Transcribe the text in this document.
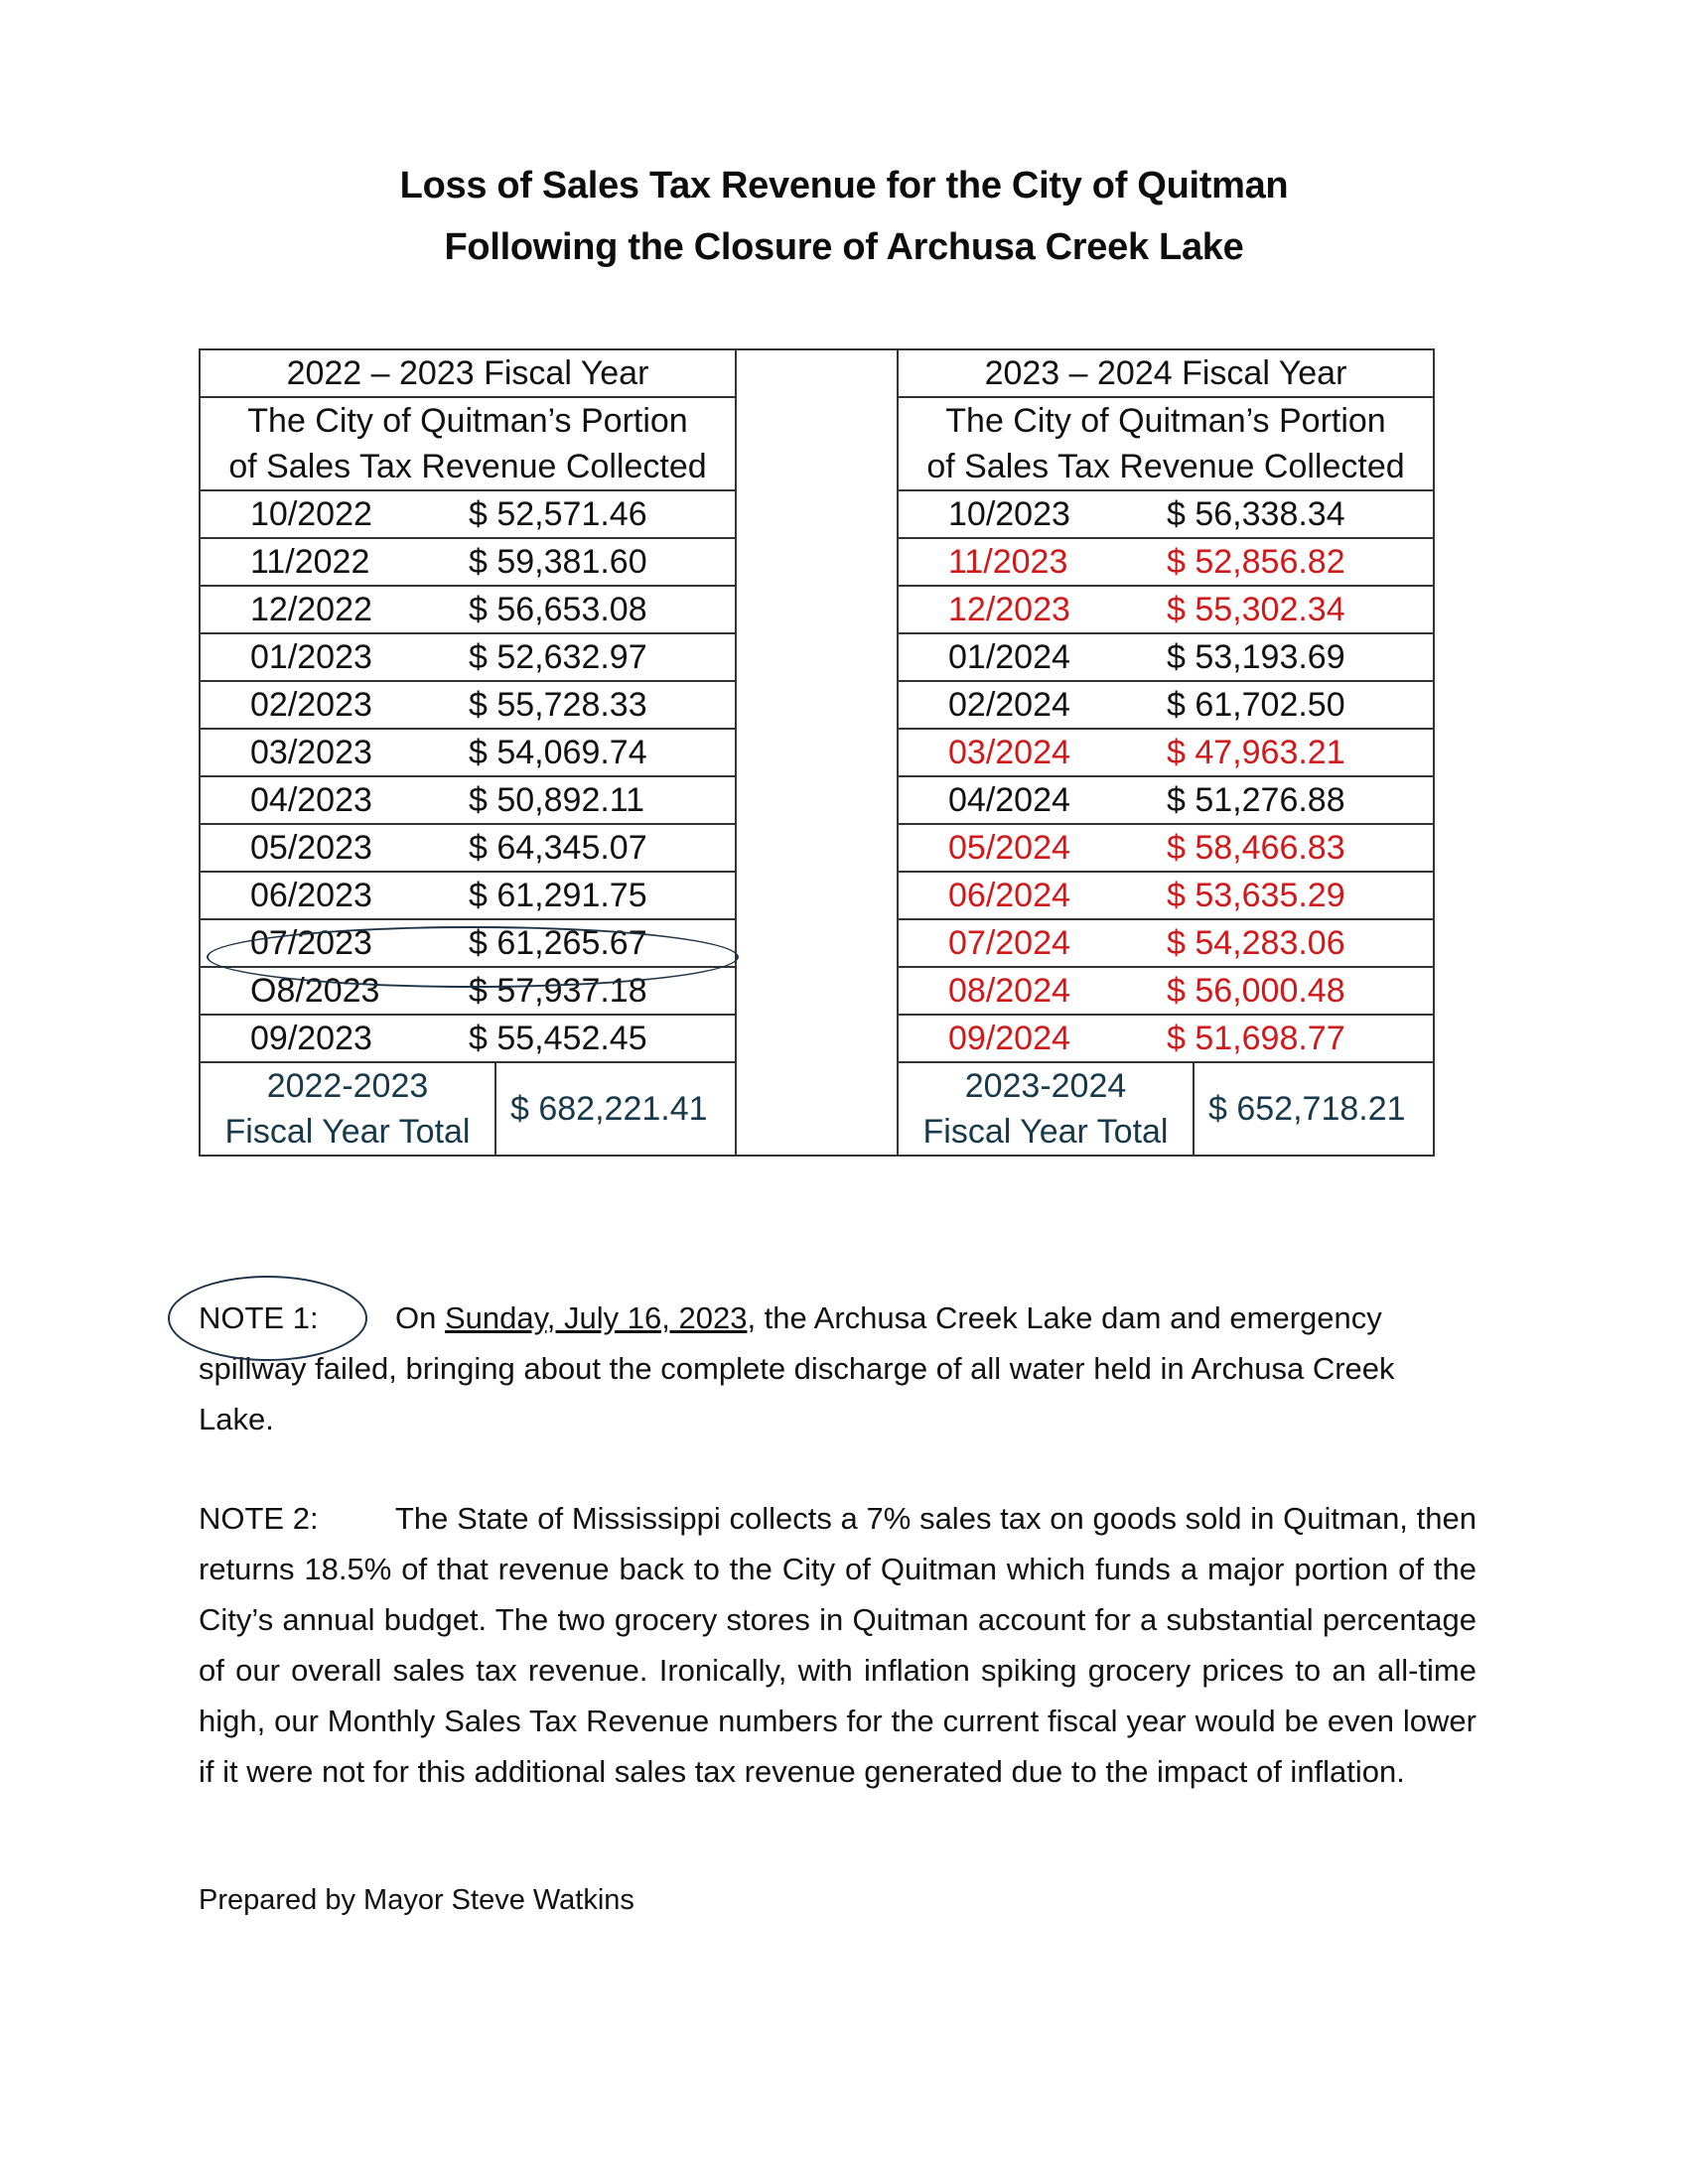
Loss of Sales Tax Revenue for the City of Quitman
Following the Closure of Archusa Creek Lake
2022 – 2023 Fiscal Year			2023 – 2024 Fiscal Year	

The City of Quitman’s Portion
of Sales Tax Revenue Collected

The City of Quitman’s Portion
of Sales Tax Revenue Collected

10/2022 $ 52,571.46			10/2023 $ 56,338.34	

11/2022 $ 59,381.60			11/2023 $ 52,856.82	

12/2022 $ 56,653.08			12/2023 $ 55,302.34	

01/2023 $ 52,632.97			01/2024 $ 53,193.69	

02/2023 $ 55,728.33			02/2024 $ 61,702.50	

03/2023 $ 54,069.74			03/2024 $ 47,963.21	

04/2023 $ 50,892.11			04/2024 $ 51,276.88	

05/2023 $ 64,345.07			05/2024 $ 58,466.83	

06/2023 $ 61,291.75			06/2024 $ 53,635.29	

07/2023 $ 61,265.67			07/2024 $ 54,283.06	

O8/2023 $ 57,937.18			08/2024 $ 56,000.48	

09/2023 $ 55,452.45			09/2024 $ 51,698.77	

2022-2023
Fiscal Year Total
	$ 682,221.41	
2023-2024
Fiscal Year Total
	$ 652,718.21
NOTE 1: On Sunday, July 16, 2023, the Archusa Creek Lake dam and emergency spillway failed, bringing about the complete discharge of all water held in Archusa Creek Lake.
NOTE 2: The State of Mississippi collects a 7% sales tax on goods sold in Quitman, then returns 18.5% of that revenue back to the City of Quitman which funds a major portion of the City’s annual budget. The two grocery stores in Quitman account for a substantial percentage of our overall sales tax revenue. Ironically, with inflation spiking grocery prices to an all-time high, our Monthly Sales Tax Revenue numbers for the current fiscal year would be even lower if it were not for this additional sales tax revenue generated due to the impact of inflation.
Prepared by Mayor Steve Watkins
